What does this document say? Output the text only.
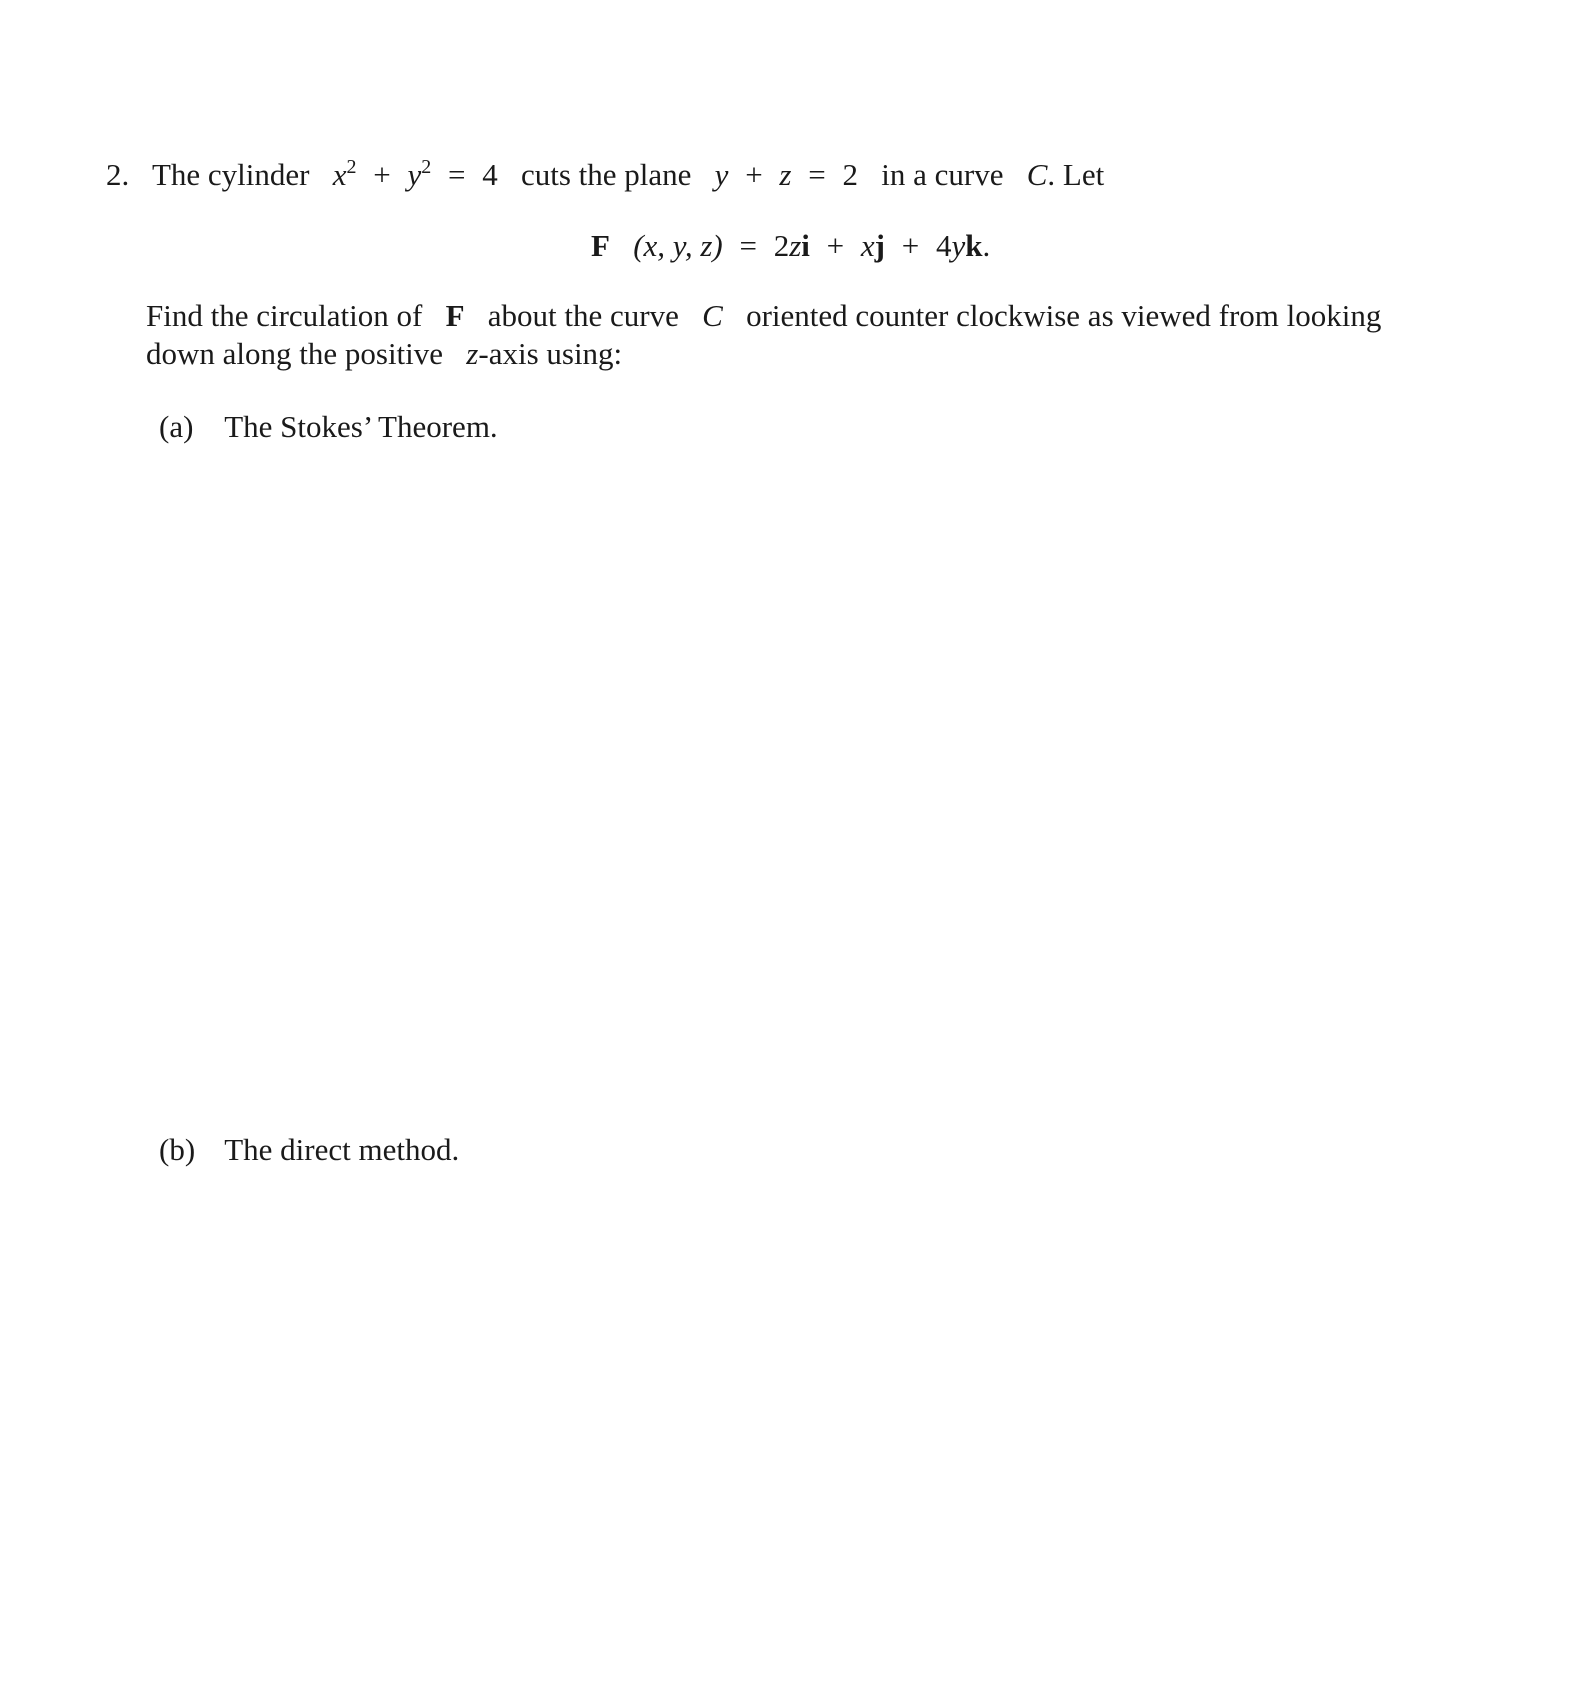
2. The cylinder $x^2 + y^2 = 4$ cuts the plane y + z = 2 in a curve C. Let
F (x, y, z) = 2zi + xj + 4yk.
Find the circulation of F about the curve C oriented counter clockwise as viewed from looking
down along the positive z-axis using:
(a) The Stokes’ Theorem.
(b) The direct method.
